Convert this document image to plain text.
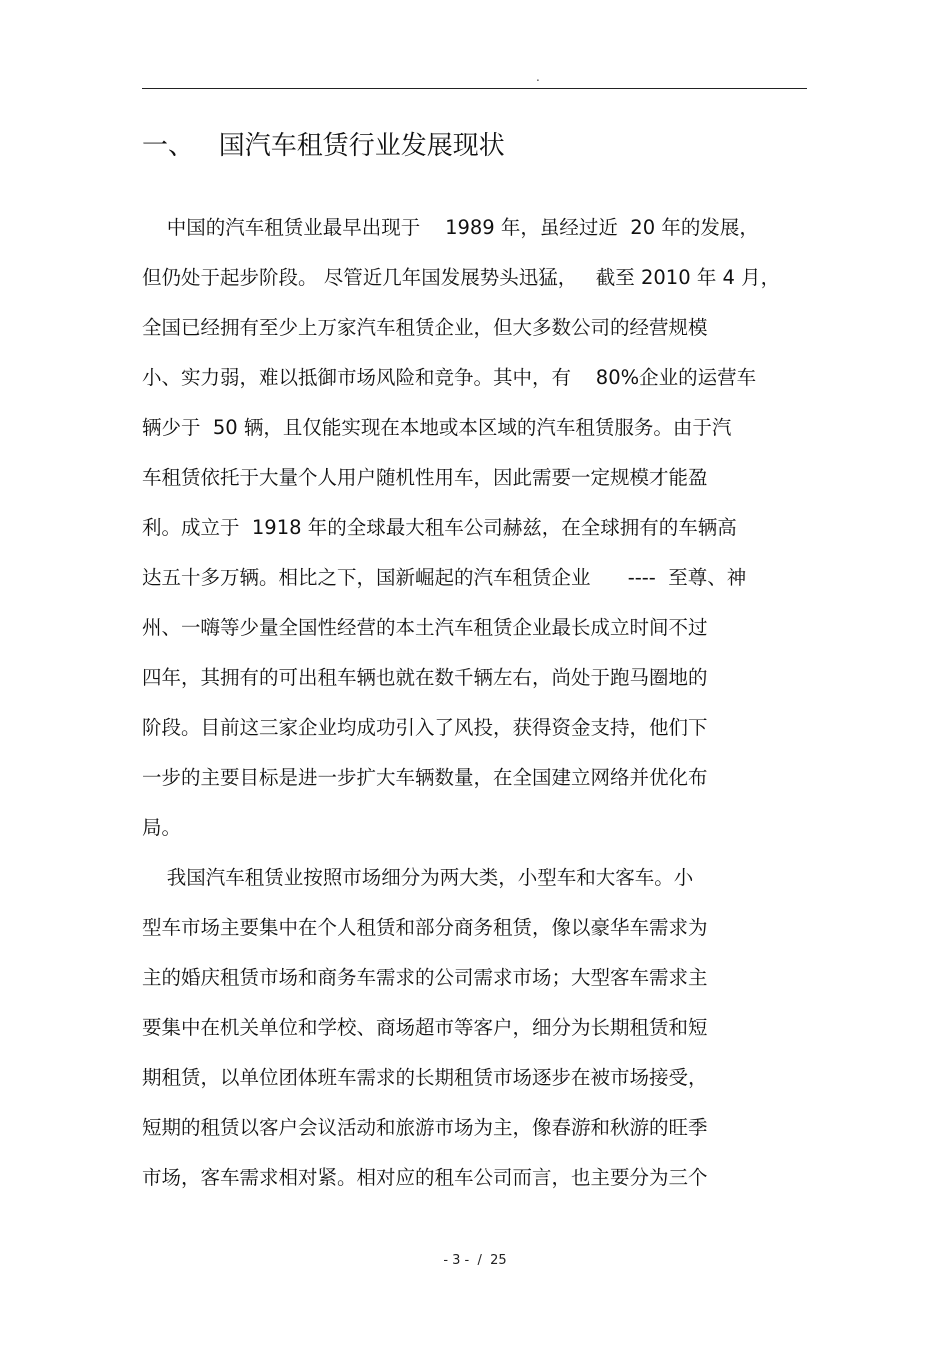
.
一、   国汽车租赁行业发展现状
中国的汽车租赁业最早出现于    1989 年，虽经过近  20 年的发展，
但仍处于起步阶段。 尽管近几年国发展势头迅猛，   截至 2010 年 4 月，
全国已经拥有至少上万家汽车租赁企业，但大多数公司的经营规模
小、实力弱，难以抵御市场风险和竞争。其中，有    80%企业的运营车
辆少于  50 辆，且仅能实现在本地或本区域的汽车租赁服务。由于汽
车租赁依托于大量个人用户随机性用车，因此需要一定规模才能盈
利。成立于  1918 年的全球最大租车公司赫兹，在全球拥有的车辆高
达五十多万辆。相比之下，国新崛起的汽车租赁企业      ----  至尊、神
州、一嗨等少量全国性经营的本土汽车租赁企业最长成立时间不过
四年，其拥有的可出租车辆也就在数千辆左右，尚处于跑马圈地的
阶段。目前这三家企业均成功引入了风投，获得资金支持，他们下
一步的主要目标是进一步扩大车辆数量，在全国建立网络并优化布
局。
我国汽车租赁业按照市场细分为两大类，小型车和大客车。小
型车市场主要集中在个人租赁和部分商务租赁，像以豪华车需求为
主的婚庆租赁市场和商务车需求的公司需求市场；大型客车需求主
要集中在机关单位和学校、商场超市等客户，细分为长期租赁和短
期租赁，以单位团体班车需求的长期租赁市场逐步在被市场接受，
短期的租赁以客户会议活动和旅游市场为主，像春游和秋游的旺季
市场，客车需求相对紧。相对应的租车公司而言，也主要分为三个
- 3 -  /  25
